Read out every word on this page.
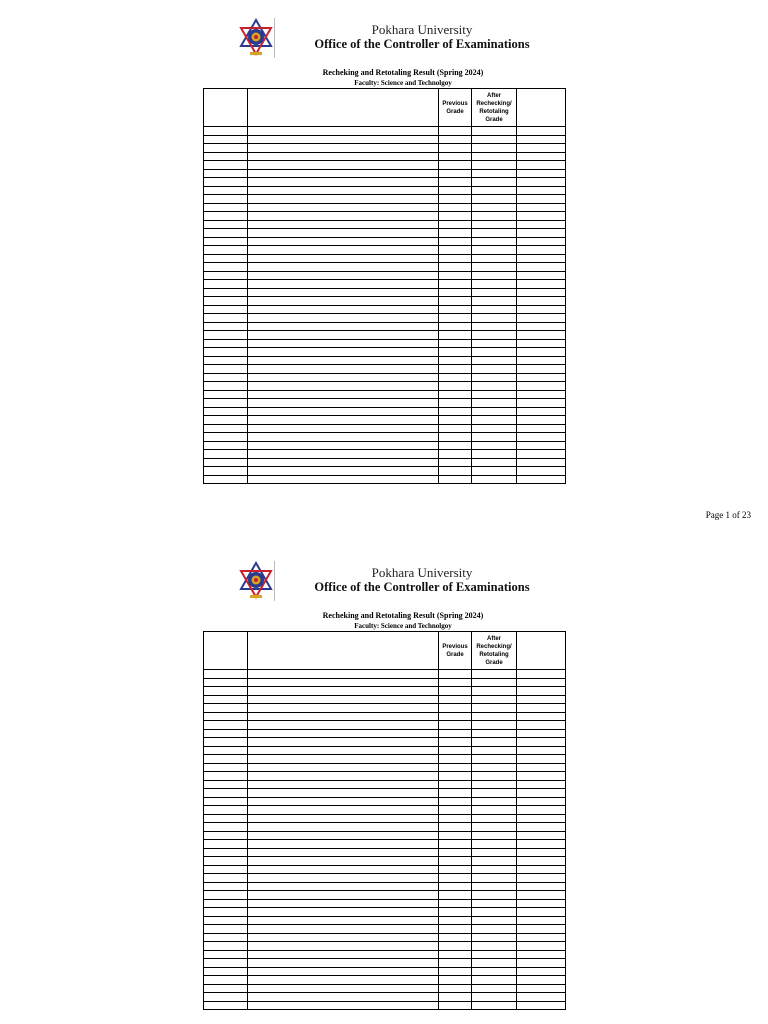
Pokhara University
Office of the Controller of Examinations
Recheking and Retotaling Result (Spring 2024)
Faculty: Science and Technolgoy
		Previous Grade	After Rechecking/ Retotaling Grade	

Page 1 of 23
Pokhara University
Office of the Controller of Examinations
Recheking and Retotaling Result (Spring 2024)
Faculty: Science and Technolgoy
		Previous Grade	After Rechecking/ Retotaling Grade	
